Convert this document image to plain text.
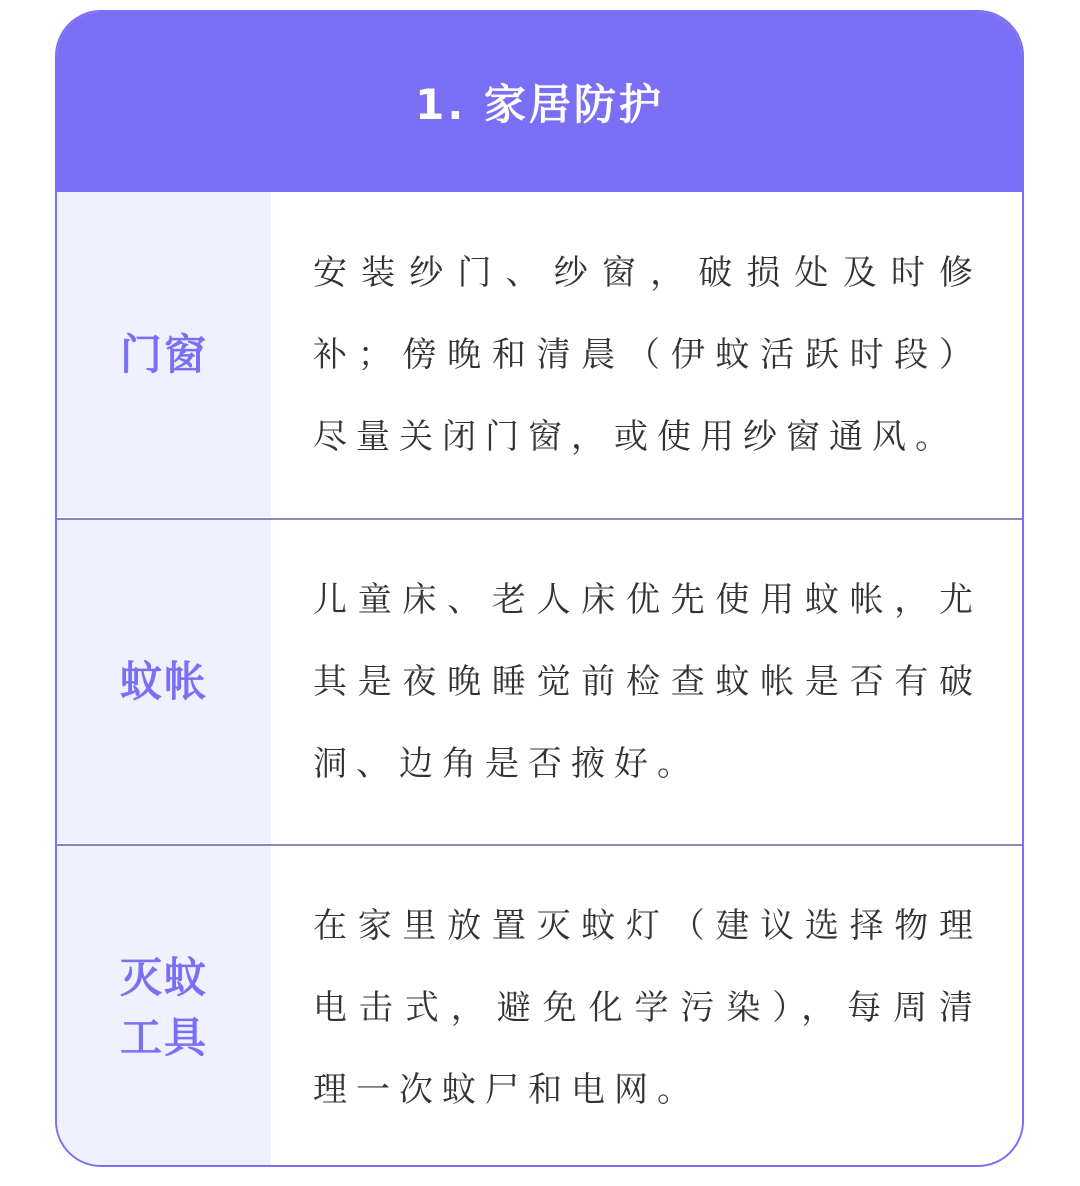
1. 家居防护
门窗

安装纱门、纱窗，破损处及时修补；傍晚和清晨（伊蚊活跃时段）尽量关闭门窗，或使用纱窗通风。

蚊帐

儿童床、老人床优先使用蚊帐，尤其是夜晚睡觉前检查蚊帐是否有破洞、边角是否掖好。

灭蚊工具

在家里放置灭蚊灯（建议选择物理电击式，避免化学污染），每周清理一次蚊尸和电网。
